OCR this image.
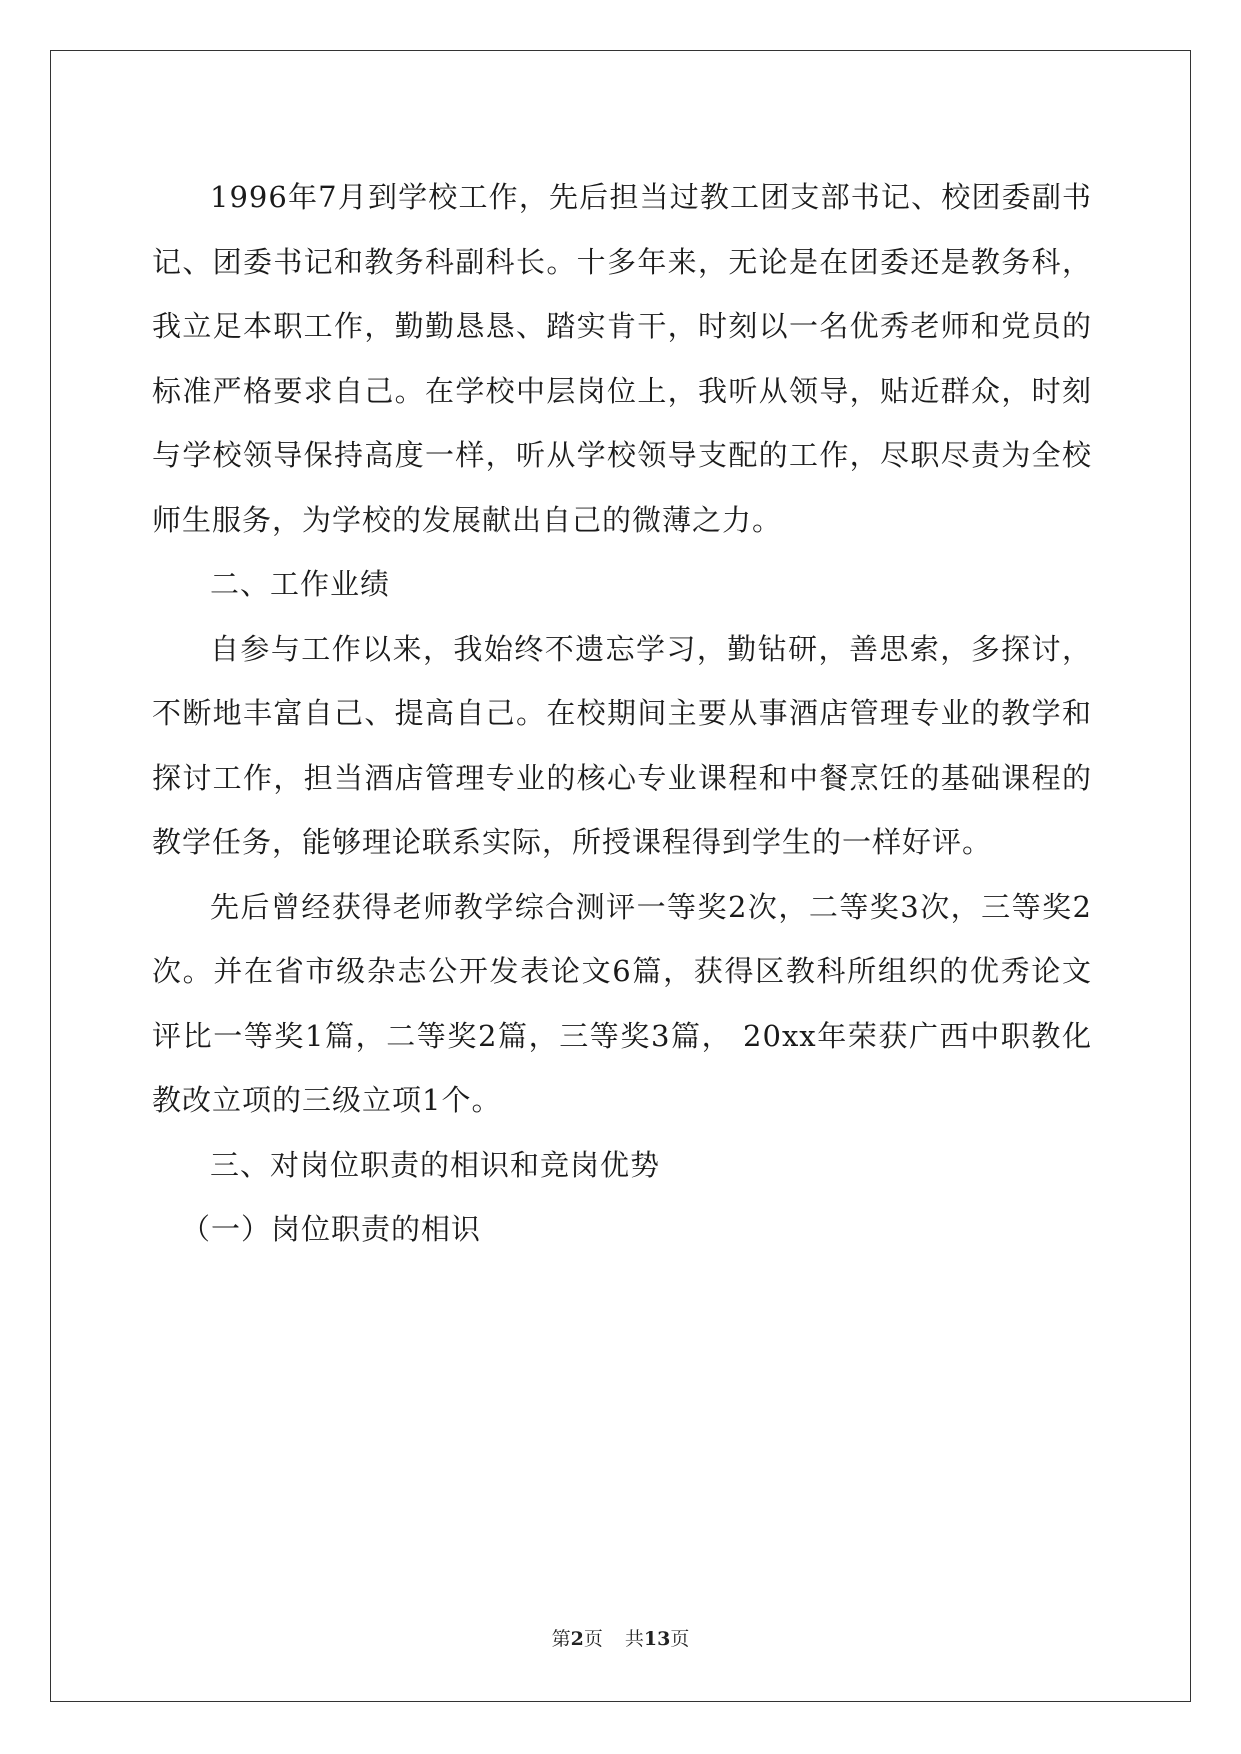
1996年7月到学校工作，先后担当过教工团支部书记、校团委副书记、团委书记和教务科副科长。十多年来，无论是在团委还是教务科，我立足本职工作，勤勤恳恳、踏实肯干，时刻以一名优秀老师和党员的标准严格要求自己。在学校中层岗位上，我听从领导，贴近群众，时刻与学校领导保持高度一样，听从学校领导支配的工作，尽职尽责为全校师生服务，为学校的发展献出自己的微薄之力。

二、工作业绩

自参与工作以来，我始终不遗忘学习，勤钻研，善思索，多探讨，不断地丰富自己、提高自己。在校期间主要从事酒店管理专业的教学和探讨工作，担当酒店管理专业的核心专业课程和中餐烹饪的基础课程的教学任务，能够理论联系实际，所授课程得到学生的一样好评。

先后曾经获得老师教学综合测评一等奖2次，二等奖3次，三等奖2次。并在省市级杂志公开发表论文6篇，获得区教科所组织的优秀论文评比一等奖1篇，二等奖2篇，三等奖3篇， 20xx年荣获广西中职教化教改立项的三级立项1个。

三、对岗位职责的相识和竞岗优势

（一）岗位职责的相识

第2页 共13页
